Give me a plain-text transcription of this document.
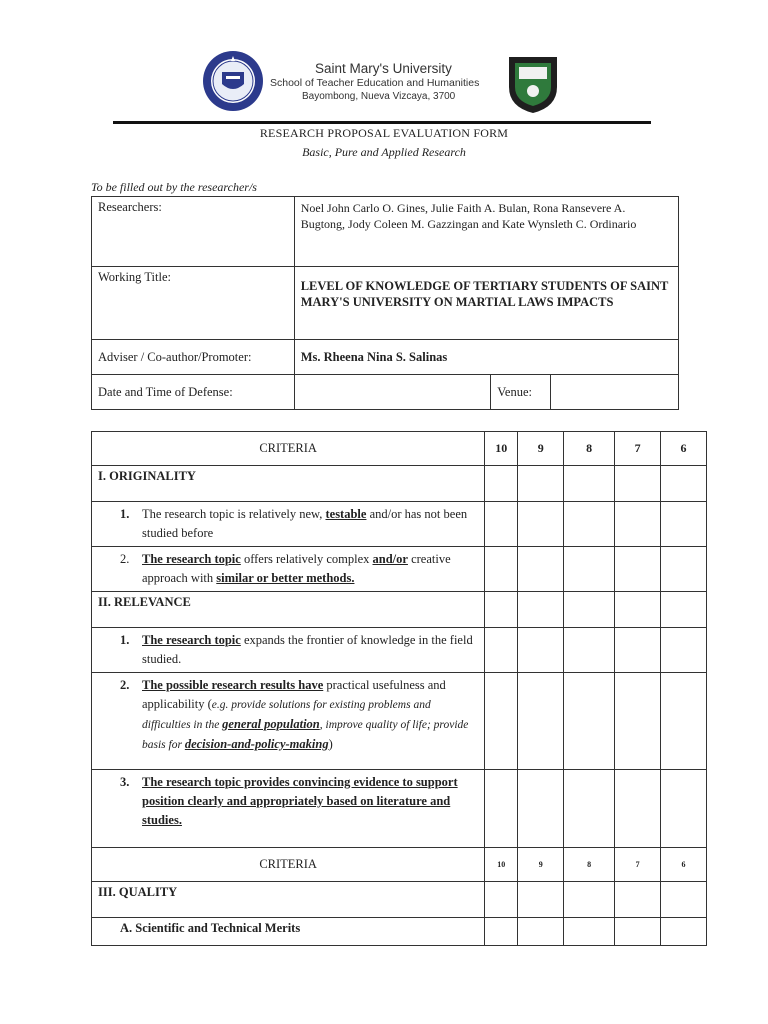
Saint Mary's University
School of Teacher Education and Humanities
Bayombong, Nueva Vizcaya, 3700
RESEARCH PROPOSAL EVALUATION FORM
Basic, Pure and Applied Research
To be filled out by the researcher/s
Researchers:	Noel John Carlo O. Gines, Julie Faith A. Bulan, Rona Ransevere A. Bugtong, Jody Coleen M. Gazzingan and Kate Wynsleth C. Ordinario		
Working Title:	LEVEL OF KNOWLEDGE OF TERTIARY STUDENTS OF SAINT MARY'S UNIVERSITY ON MARTIAL LAWS IMPACTS		
Adviser / Co-author/Promoter:	Ms. Rheena Nina S. Salinas		
Date and Time of Defense:		Venue:	
CRITERIA	10	9	8	7	6
I. ORIGINALITY					

1. The research topic is relatively new, testable and/or has not been studied before					

2. The research topic offers relatively complex and/or creative approach with similar or better methods.					

II. RELEVANCE					

1. The research topic expands the frontier of knowledge in the field studied.					

2. The possible research results have practical usefulness and applicability (e.g. provide solutions for existing problems and difficulties in the general population, improve quality of life; provide basis for decision-and-policy-making)					

3. The research topic provides convincing evidence to support position clearly and appropriately based on literature and studies.					

CRITERIA	10	9	8	7	6
III. QUALITY					
A. Scientific and Technical Merits					
